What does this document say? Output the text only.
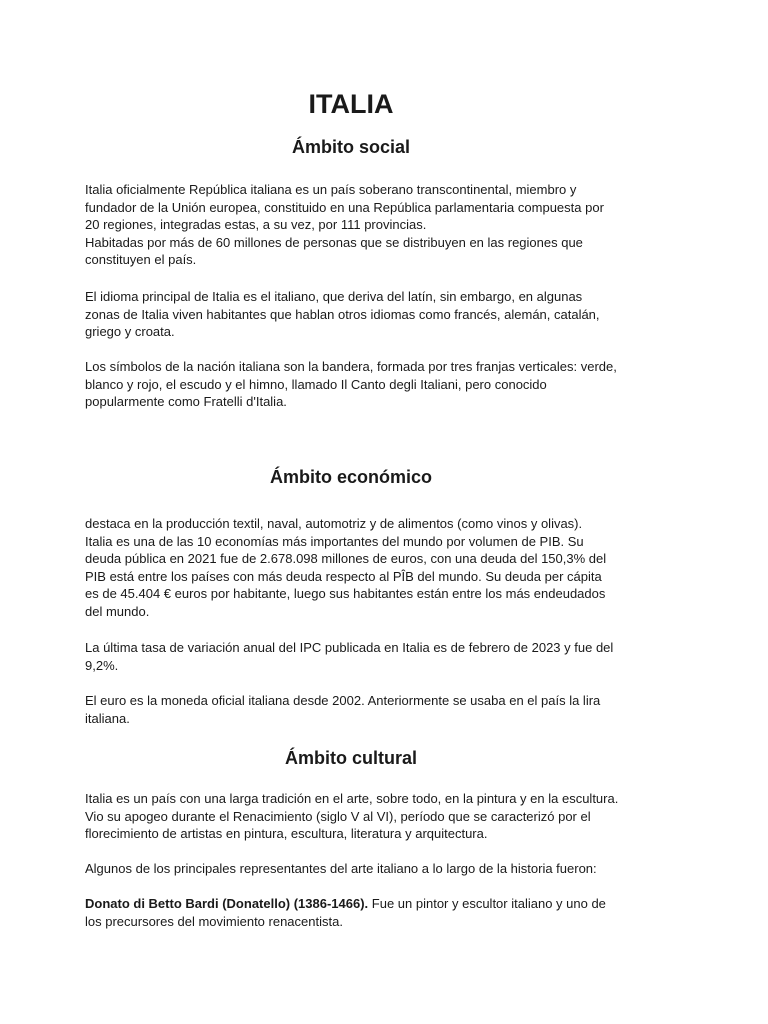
ITALIA
Ámbito social

Italia oficialmente República italiana es un país soberano transcontinental, miembro y
fundador de la Unión europea, constituido en una República parlamentaria compuesta por
20 regiones, integradas estas, a su vez, por 111 provincias.
Habitadas por más de 60 millones de personas que se distribuyen en las regiones que
constituyen el país.

El idioma principal de Italia es el italiano, que deriva del latín, sin embargo, en algunas
zonas de Italia viven habitantes que hablan otros idiomas como francés, alemán, catalán,
griego y croata.

Los símbolos de la nación italiana son la bandera, formada por tres franjas verticales: verde,
blanco y rojo, el escudo y el himno, llamado Il Canto degli Italiani, pero conocido
popularmente como Fratelli d'Italia.

Ámbito económico

destaca en la producción textil, naval, automotriz y de alimentos (como vinos y olivas).
Italia es una de las 10 economías más importantes del mundo por volumen de PIB. Su
deuda pública en 2021 fue de 2.678.098 millones de euros, con una deuda del 150,3% del
PIB está entre los países con más deuda respecto al PÎB del mundo. Su deuda per cápita
es de 45.404 € euros por habitante, luego sus habitantes están entre los más endeudados
del mundo.

La última tasa de variación anual del IPC publicada en Italia es de febrero de 2023 y fue del
9,2%.

El euro es la moneda oficial italiana desde 2002. Anteriormente se usaba en el país la lira
italiana.

Ámbito cultural

Italia es un país con una larga tradición en el arte, sobre todo, en la pintura y en la escultura.
Vio su apogeo durante el Renacimiento (siglo V al VI), período que se caracterizó por el
florecimiento de artistas en pintura, escultura, literatura y arquitectura.

Algunos de los principales representantes del arte italiano a lo largo de la historia fueron:

Donato di Betto Bardi (Donatello) (1386-1466). Fue un pintor y escultor italiano y uno de
los precursores del movimiento renacentista.
